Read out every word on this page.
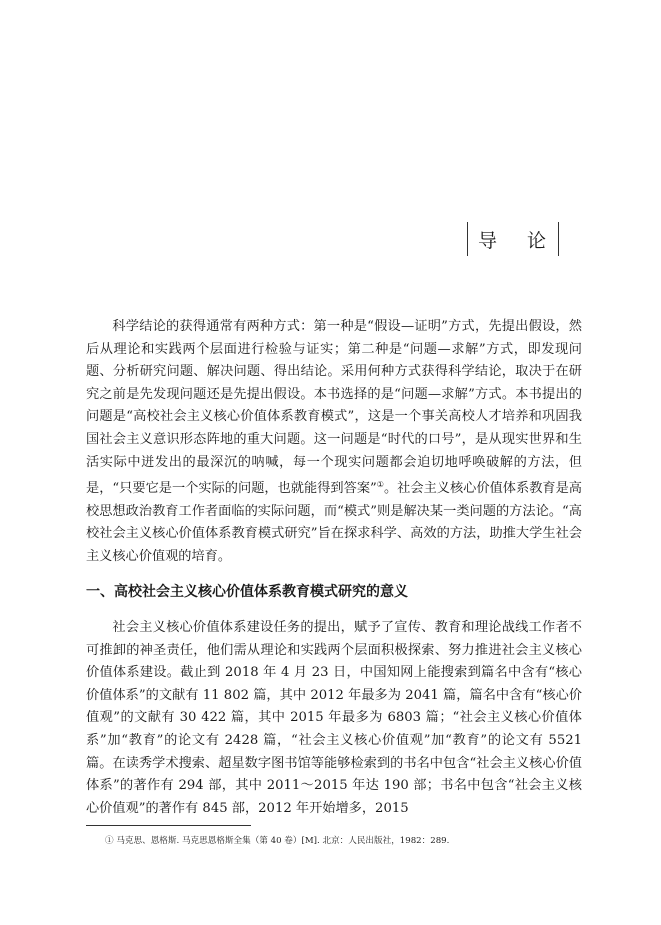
导 论

科学结论的获得通常有两种方式：第一种是“假设—证明”方式，先提出假设，然后从理论和实践两个层面进行检验与证实；第二种是“问题—求解”方式，即发现问题、分析研究问题、解决问题、得出结论。采用何种方式获得科学结论，取决于在研究之前是先发现问题还是先提出假设。本书选择的是“问题—求解”方式。本书提出的问题是“高校社会主义核心价值体系教育模式”，这是一个事关高校人才培养和巩固我国社会主义意识形态阵地的重大问题。这一问题是“时代的口号”，是从现实世界和生活实际中迸发出的最深沉的呐喊，每一个现实问题都会迫切地呼唤破解的方法，但是，“只要它是一个实际的问题，也就能得到答案”①。社会主义核心价值体系教育是高校思想政治教育工作者面临的实际问题，而“模式”则是解决某一类问题的方法论。“高校社会主义核心价值体系教育模式研究”旨在探求科学、高效的方法，助推大学生社会主义核心价值观的培育。

一、高校社会主义核心价值体系教育模式研究的意义

社会主义核心价值体系建设任务的提出，赋予了宣传、教育和理论战线工作者不可推卸的神圣责任，他们需从理论和实践两个层面积极探索、努力推进社会主义核心价值体系建设。截止到 2018 年 4 月 23 日，中国知网上能搜索到篇名中含有“核心价值体系”的文献有 11 802 篇，其中 2012 年最多为 2041 篇，篇名中含有“核心价值观”的文献有 30 422 篇，其中 2015 年最多为 6803 篇；“社会主义核心价值体系”加“教育”的论文有 2428 篇，“社会主义核心价值观”加“教育”的论文有 5521 篇。在读秀学术搜索、超星数字图书馆等能够检索到的书名中包含“社会主义核心价值体系”的著作有 294 部，其中 2011～2015 年达 190 部；书名中包含“社会主义核心价值观”的著作有 845 部，2012 年开始增多，2015

① 马克思、恩格斯. 马克思恩格斯全集（第 40 卷）[M]. 北京：人民出版社，1982：289.
